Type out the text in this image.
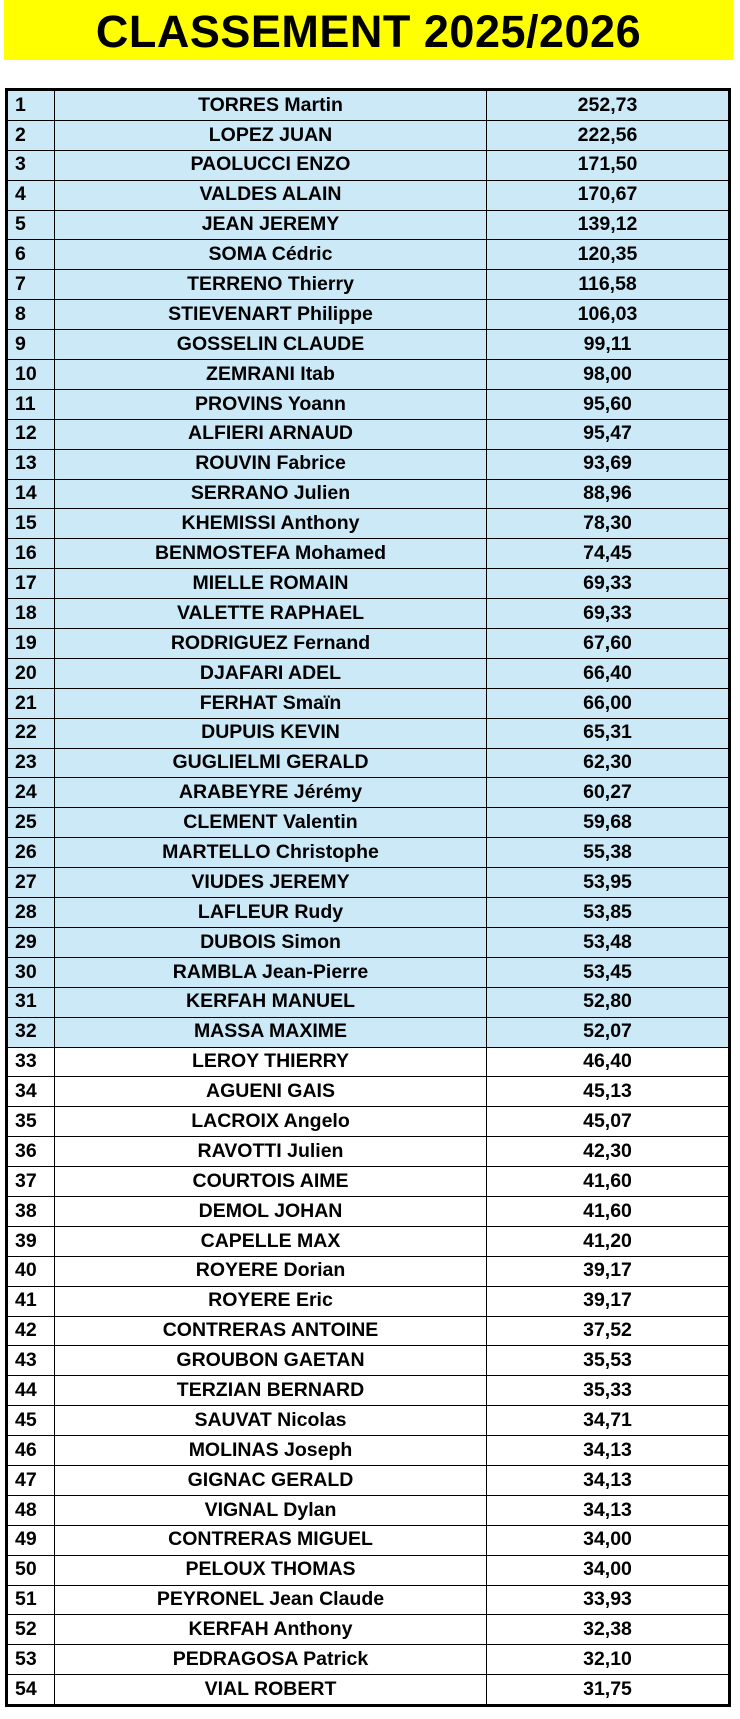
CLASSEMENT 2025/2026
1	TORRES Martin	252,73
2	LOPEZ JUAN	222,56
3	PAOLUCCI ENZO	171,50
4	VALDES ALAIN	170,67
5	JEAN JEREMY	139,12
6	SOMA Cédric	120,35
7	TERRENO Thierry	116,58
8	STIEVENART Philippe	106,03
9	GOSSELIN CLAUDE	99,11
10	ZEMRANI Itab	98,00
11	PROVINS Yoann	95,60
12	ALFIERI ARNAUD	95,47
13	ROUVIN Fabrice	93,69
14	SERRANO Julien	88,96
15	KHEMISSI Anthony	78,30
16	BENMOSTEFA Mohamed	74,45
17	MIELLE ROMAIN	69,33
18	VALETTE RAPHAEL	69,33
19	RODRIGUEZ Fernand	67,60
20	DJAFARI ADEL	66,40
21	FERHAT Smaïn	66,00
22	DUPUIS KEVIN	65,31
23	GUGLIELMI GERALD	62,30
24	ARABEYRE Jérémy	60,27
25	CLEMENT Valentin	59,68
26	MARTELLO Christophe	55,38
27	VIUDES JEREMY	53,95
28	LAFLEUR Rudy	53,85
29	DUBOIS Simon	53,48
30	RAMBLA Jean-Pierre	53,45
31	KERFAH MANUEL	52,80
32	MASSA MAXIME	52,07
33	LEROY THIERRY	46,40
34	AGUENI GAIS	45,13
35	LACROIX Angelo	45,07
36	RAVOTTI Julien	42,30
37	COURTOIS AIME	41,60
38	DEMOL JOHAN	41,60
39	CAPELLE MAX	41,20
40	ROYERE Dorian	39,17
41	ROYERE Eric	39,17
42	CONTRERAS ANTOINE	37,52
43	GROUBON GAETAN	35,53
44	TERZIAN BERNARD	35,33
45	SAUVAT Nicolas	34,71
46	MOLINAS Joseph	34,13
47	GIGNAC GERALD	34,13
48	VIGNAL Dylan	34,13
49	CONTRERAS MIGUEL	34,00
50	PELOUX THOMAS	34,00
51	PEYRONEL Jean Claude	33,93
52	KERFAH Anthony	32,38
53	PEDRAGOSA Patrick	32,10
54	VIAL ROBERT	31,75
